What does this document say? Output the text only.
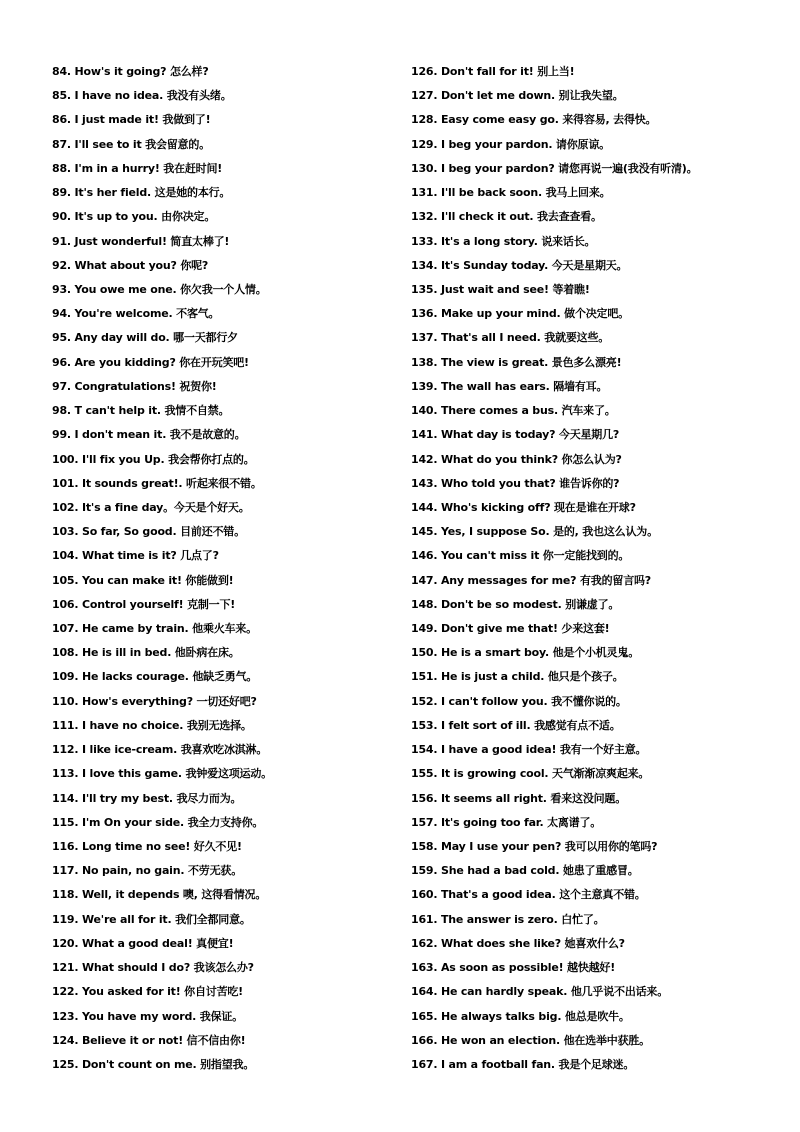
84. How's it going? 怎么样?
85. I have no idea. 我没有头绪。
86. I just made it! 我做到了!
87. I'll see to it 我会留意的。
88. I'm in a hurry! 我在赶时间!
89. It's her field. 这是她的本行。
90. It's up to you. 由你决定。
91. Just wonderful! 简直太棒了!
92. What about you? 你呢?
93. You owe me one. 你欠我一个人情。
94. You're welcome. 不客气。
95. Any day will do. 哪一天都行夕
96. Are you kidding? 你在开玩笑吧!
97. Congratulations! 祝贺你!
98. T can't help it. 我情不自禁。
99. I don't mean it. 我不是故意的。
100. I'll fix you Up. 我会帮你打点的。
101. It sounds great!. 听起来很不错。
102. It's a fine day。今天是个好天。
103. So far, So good. 目前还不错。
104. What time is it? 几点了?
105. You can make it! 你能做到!
106. Control yourself! 克制一下!
107. He came by train. 他乘火车来。
108. He is ill in bed. 他卧病在床。
109. He lacks courage. 他缺乏勇气。
110. How's everything? 一切还好吧?
111. I have no choice. 我别无选择。
112. I like ice-cream. 我喜欢吃冰淇淋。
113. I love this game. 我钟爱这项运动。
114. I'll try my best. 我尽力而为。
115. I'm On your side. 我全力支持你。
116. Long time no see! 好久不见!
117. No pain, no gain. 不劳无获。
118. Well, it depends 噢, 这得看情况。
119. We're all for it. 我们全都同意。
120. What a good deal! 真便宜!
121. What should I do? 我该怎么办?
122. You asked for it! 你自讨苦吃!
123. You have my word. 我保证。
124. Believe it or not! 信不信由你!
125. Don't count on me. 别指望我。
126. Don't fall for it! 别上当!
127. Don't let me down. 别让我失望。
128. Easy come easy go. 来得容易, 去得快。
129. I beg your pardon. 请你原谅。
130. I beg your pardon? 请您再说一遍(我没有听清)。
131. I'll be back soon. 我马上回来。
132. I'll check it out. 我去查查看。
133. It's a long story. 说来话长。
134. It's Sunday today. 今天是星期天。
135. Just wait and see! 等着瞧!
136. Make up your mind. 做个决定吧。
137. That's all I need. 我就要这些。
138. The view is great. 景色多么漂亮!
139. The wall has ears. 隔墙有耳。
140. There comes a bus. 汽车来了。
141. What day is today? 今天星期几?
142. What do you think? 你怎么认为?
143. Who told you that? 谁告诉你的?
144. Who's kicking off? 现在是谁在开球?
145. Yes, I suppose So. 是的, 我也这么认为。
146. You can't miss it 你一定能找到的。
147. Any messages for me? 有我的留言吗?
148. Don't be so modest. 别谦虚了。
149. Don't give me that! 少来这套!
150. He is a smart boy. 他是个小机灵鬼。
151. He is just a child. 他只是个孩子。
152. I can't follow you. 我不懂你说的。
153. I felt sort of ill. 我感觉有点不适。
154. I have a good idea! 我有一个好主意。
155. It is growing cool. 天气渐渐凉爽起来。
156. It seems all right. 看来这没问题。
157. It's going too far. 太离谱了。
158. May I use your pen? 我可以用你的笔吗?
159. She had a bad cold. 她患了重感冒。
160. That's a good idea. 这个主意真不错。
161. The answer is zero. 白忙了。
162. What does she like? 她喜欢什么?
163. As soon as possible! 越快越好!
164. He can hardly speak. 他几乎说不出话来。
165. He always talks big. 他总是吹牛。
166. He won an election. 他在选举中获胜。
167. I am a football fan. 我是个足球迷。
